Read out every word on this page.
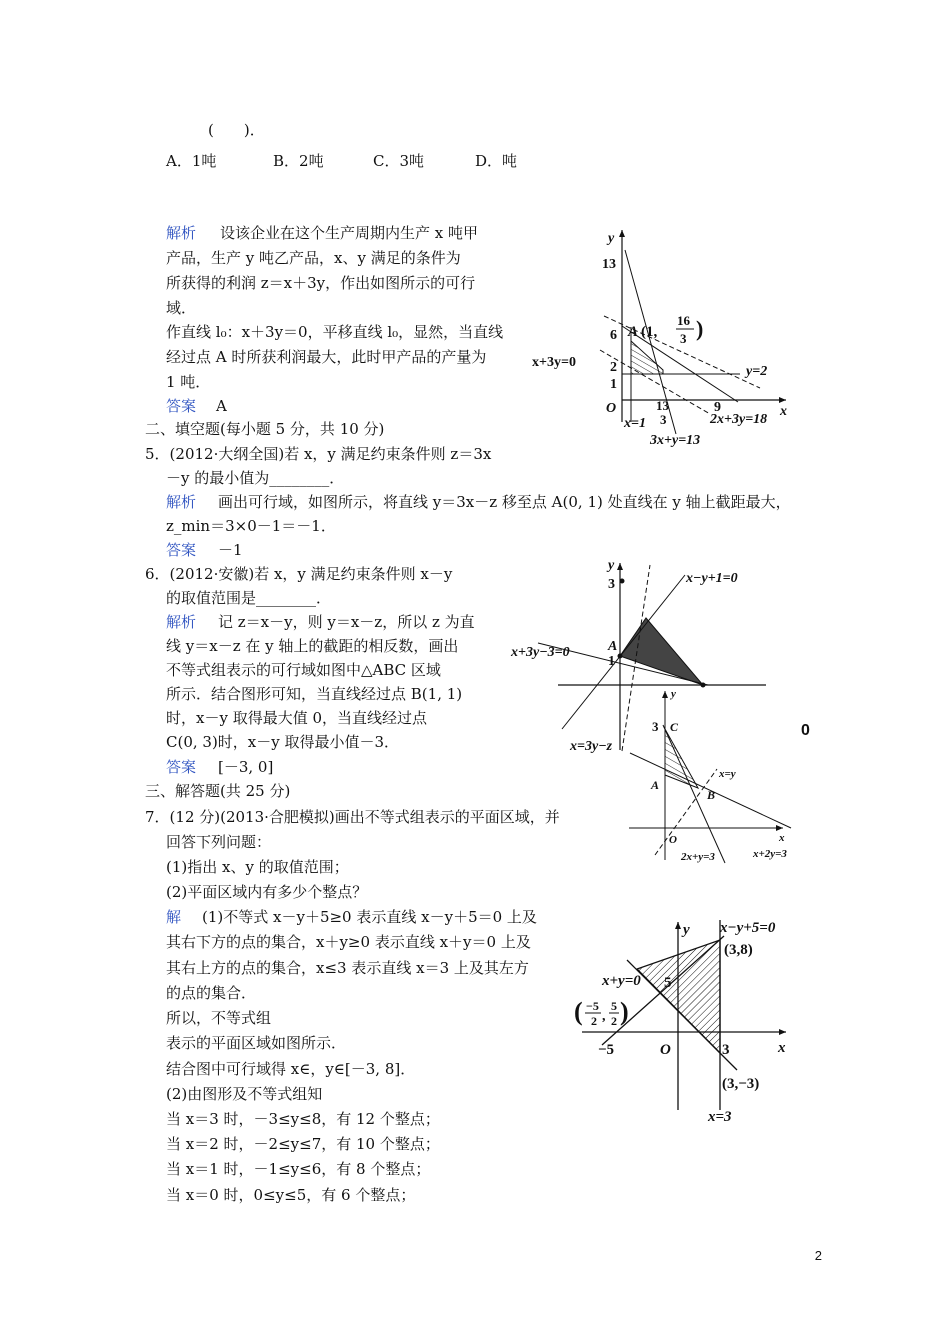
(　　)．
A．1吨	B．2吨	C．3吨	D．吨
解析 设该企业在这个生产周期内生产 x 吨甲
产品，生产 y 吨乙产品，x、y 满足的条件为
所获得的利润 z＝x＋3y，作出如图所示的可行
域．
作直线 l₀：x＋3y＝0，平移直线 l₀，显然，当直线
经过点 A 时所获利润最大，此时甲产品的产量为
1 吨．
答案 A
y
x
O
13
6
2
1
A (1,
16
3 )
x+3y=0
y=2
x=1
13
3
9
2x+3y=18
3x+y=13
二、填空题(每小题 5 分，共 10 分)
5．(2012·大纲全国)若 x，y 满足约束条件则 z＝3x
－y 的最小值为________．
解析 画出可行域，如图所示，将直线 y＝3x－z 移至点 A(0, 1) 处直线在 y 轴上截距最大，
z_min＝3×0－1＝－1．
答案 －1
6．(2012·安徽)若 x，y 满足约束条件则 x－y
的取值范围是________．
解析 记 z＝x－y，则 y＝x－z，所以 z 为直
线 y＝x－z 在 y 轴上的截距的相反数，画出
不等式组表示的可行域如图中△ABC 区域
所示．结合图形可知，当直线经过点 B(1, 1)
时，x－y 取得最大值 0，当直线经过点
C(0, 3)时，x－y 取得最小值－3．
答案 [－3, 0]
0
y
3
1
A
x−y+1=0
x+3y−3=0
x=3y−z
y
x
O
3 C
A
B
x=y
2x+y=3	x+2y=3
三、解答题(共 25 分)
7．(12 分)(2013·合肥模拟)画出不等式组表示的平面区域，并
回答下列问题：
(1)指出 x、y 的取值范围；
(2)平面区域内有多少个整点？
解 (1)不等式 x－y＋5≥0 表示直线 x－y＋5＝0 上及
其右下方的点的集合，x＋y≥0 表示直线 x＋y＝0 上及
其右上方的点的集合，x≤3 表示直线 x＝3 上及其左方
的点的集合．
所以，不等式组
表示的平面区域如图所示．
结合图中可行域得 x∈，y∈[－3, 8]．
(2)由图形及不等式组知
当 x＝3 时，－3≤y≤8，有 12 个整点；
当 x＝2 时，－2≤y≤7，有 10 个整点；
当 x＝1 时，－1≤y≤6，有 8 个整点；
当 x＝0 时，0≤y≤5，有 6 个整点；
y
x
O
5
−5	3
x−y+5=0
x+y=0
x=3
(3,8)
(3,−3)
( −5
2 ,
5
2 )
2
